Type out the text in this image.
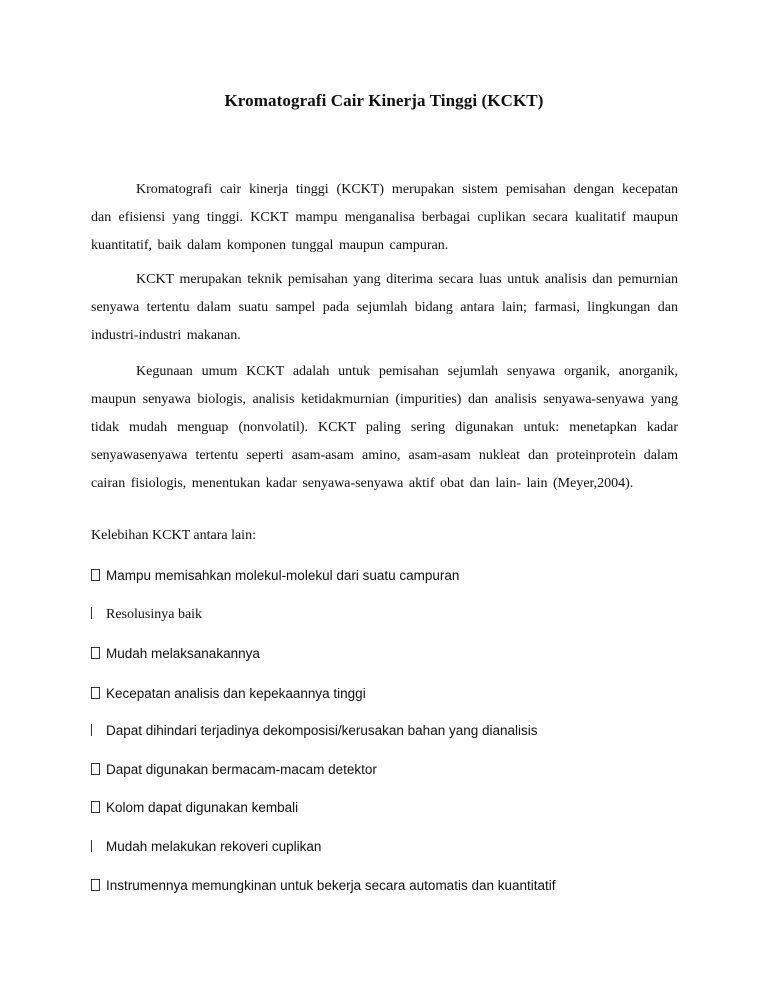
Kromatografi Cair Kinerja Tinggi (KCKT)
Kromatografi cair kinerja tinggi (KCKT) merupakan sistem pemisahan dengan kecepatan dan efisiensi yang tinggi. KCKT mampu menganalisa berbagai cuplikan secara kualitatif maupun kuantitatif, baik dalam komponen tunggal maupun campuran.
KCKT merupakan teknik pemisahan yang diterima secara luas untuk analisis dan pemurnian senyawa tertentu dalam suatu sampel pada sejumlah bidang antara lain; farmasi, lingkungan dan industri-industri makanan.
Kegunaan umum KCKT adalah untuk pemisahan sejumlah senyawa organik, anorganik, maupun senyawa biologis, analisis ketidakmurnian (impurities) dan analisis senyawa-senyawa yang tidak mudah menguap (nonvolatil). KCKT paling sering digunakan untuk: menetapkan kadar senyawasenyawa tertentu seperti asam-asam amino, asam-asam nukleat dan proteinprotein dalam cairan fisiologis, menentukan kadar senyawa-senyawa aktif obat dan lain- lain (Meyer,2004).
Kelebihan KCKT antara lain:
Mampu memisahkan molekul-molekul dari suatu campuran
Resolusinya baik
Mudah melaksanakannya
Kecepatan analisis dan kepekaannya tinggi
Dapat dihindari terjadinya dekomposisi/kerusakan bahan yang dianalisis
Dapat digunakan bermacam-macam detektor
Kolom dapat digunakan kembali
Mudah melakukan rekoveri cuplikan
Instrumennya memungkinan untuk bekerja secara automatis dan kuantitatif
